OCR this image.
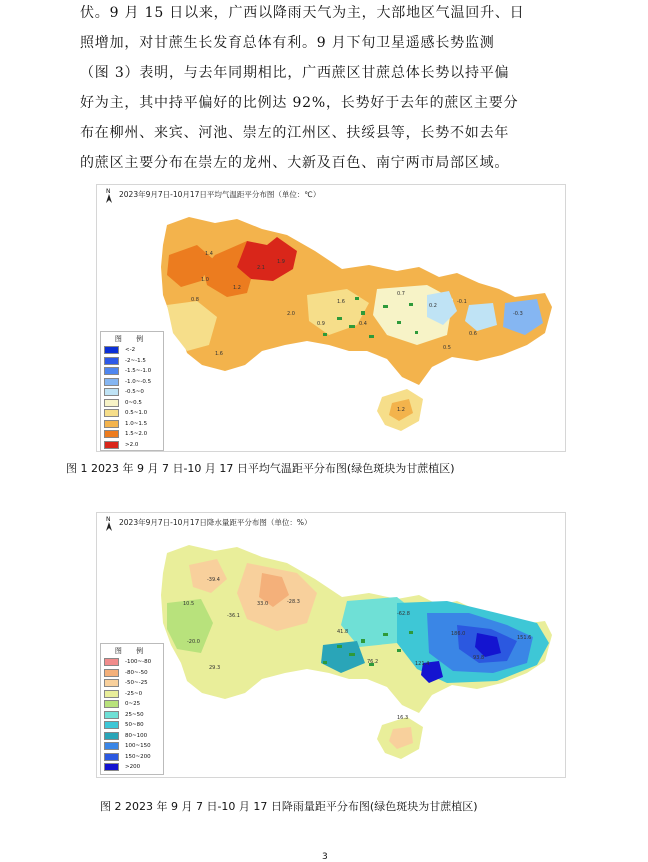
伏。9 月 15 日以来，广西以降雨天气为主，大部地区气温回升、日
照增加，对甘蔗生长发育总体有利。9 月下旬卫星遥感长势监测
（图 3）表明，与去年同期相比，广西蔗区甘蔗总体长势以持平偏
好为主，其中持平偏好的比例达 92%，长势好于去年的蔗区主要分
布在柳州、来宾、河池、崇左的江州区、扶绥县等，长势不如去年
的蔗区主要分布在崇左的龙州、大新及百色、南宁两市局部区域。
1.4
1.0
0.8
2.1
1.9
1.2
1.6
0.4
0.7
0.2
-0.1
-0.3
0.6
1.2
1.6
0.9
2.0
0.5
2023年9月7日-10月17日平均气温距平分布图（单位：℃）
N
图 例
<-2
-2~-1.5
-1.5~-1.0
-1.0~-0.5
-0.5~0
0~0.5
0.5~1.0
1.0~1.5
1.5~2.0
>2.0
图 1 2023 年 9 月 7 日-10 月 17 日平均气温距平分布图(绿色斑块为甘蔗植区)
-39.4
10.5
-20.0
33.0	-28.3
-36.1
41.8
-62.8
186.0
151.6
93.8
121.4
16.3
29.3
76.2
2023年9月7日-10月17日降水量距平分布图（单位：%）
N
图 例
-100~-80
-80~-50
-50~-25
-25~0
0~25
25~50
50~80
80~100
100~150
150~200
>200
图 2 2023 年 9 月 7 日-10 月 17 日降雨量距平分布图(绿色斑块为甘蔗植区)
3
